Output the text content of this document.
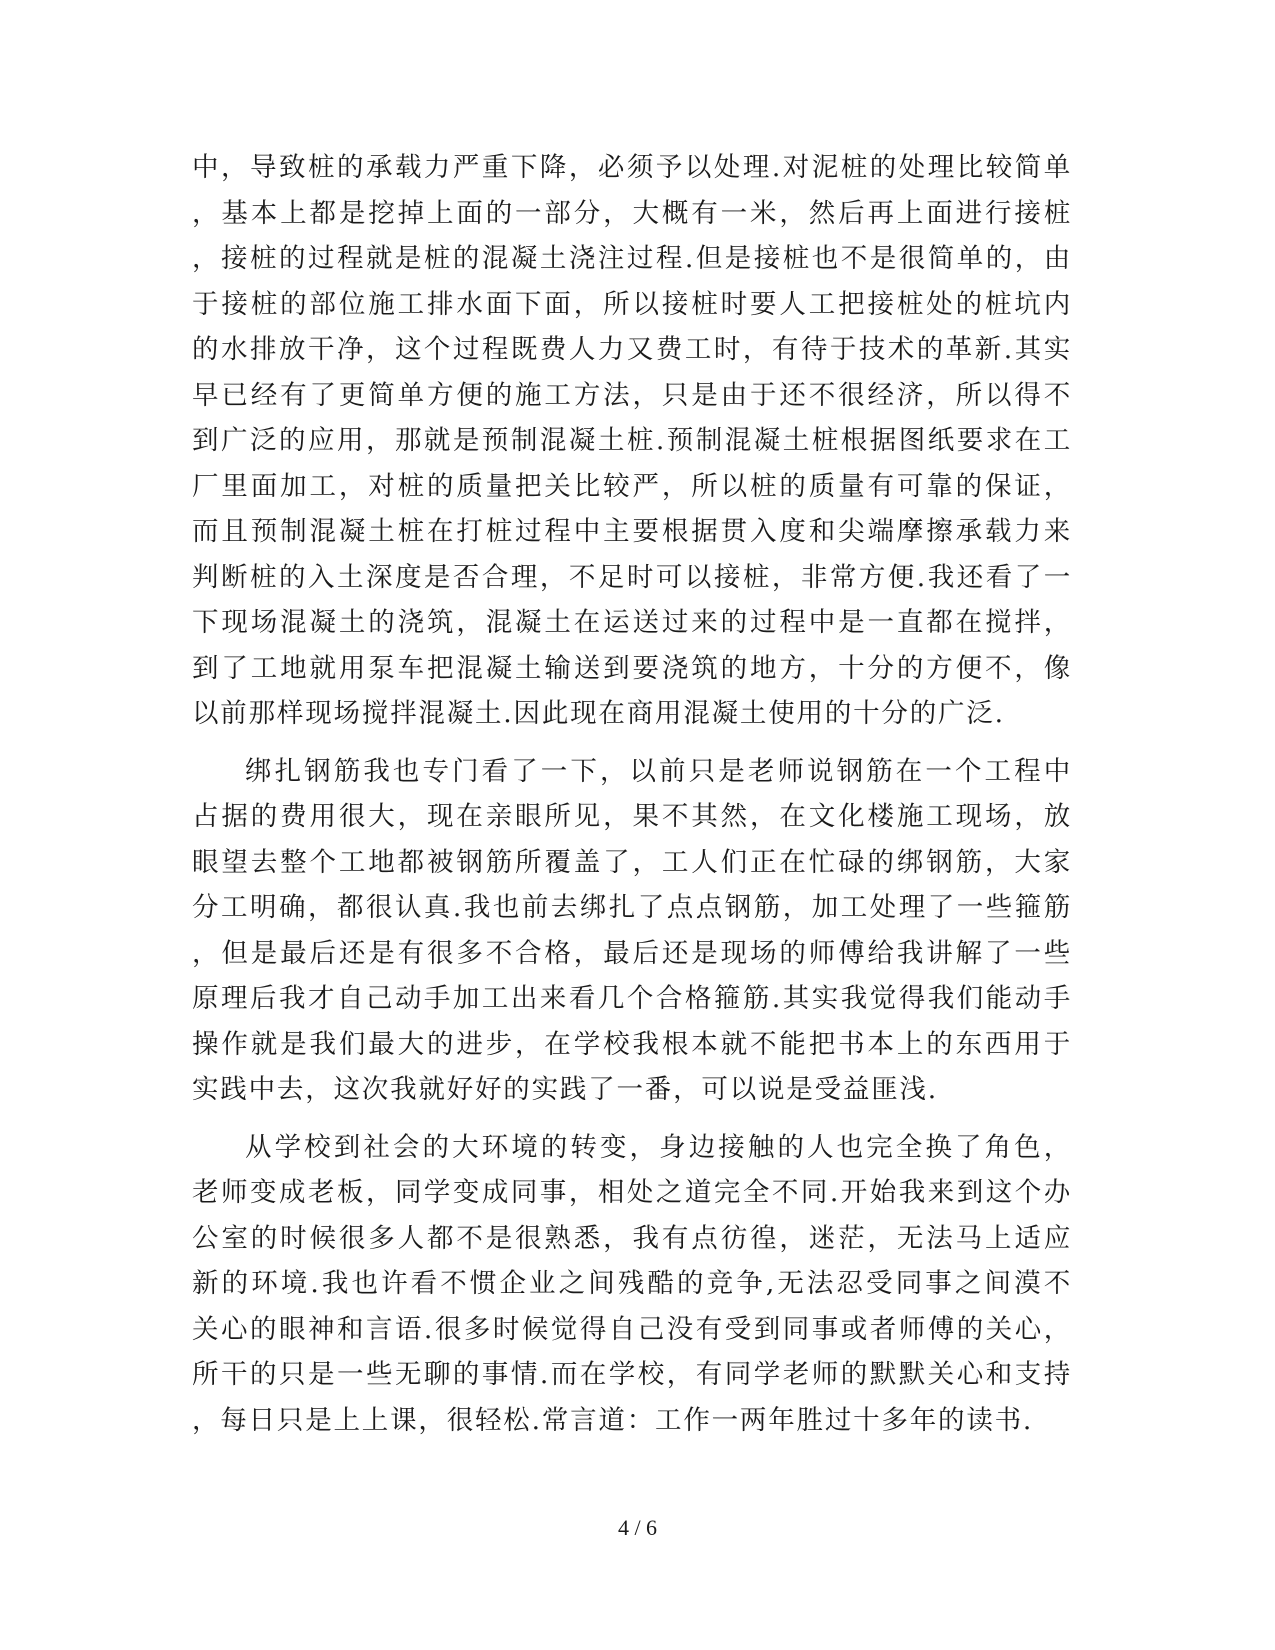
中，导致桩的承载力严重下降，必须予以处理.对泥桩的处理比较简单
，基本上都是挖掉上面的一部分，大概有一米，然后再上面进行接桩
，接桩的过程就是桩的混凝土浇注过程.但是接桩也不是很简单的，由
于接桩的部位施工排水面下面，所以接桩时要人工把接桩处的桩坑内
的水排放干净，这个过程既费人力又费工时，有待于技术的革新.其实
早已经有了更简单方便的施工方法，只是由于还不很经济，所以得不
到广泛的应用，那就是预制混凝土桩.预制混凝土桩根据图纸要求在工
厂里面加工，对桩的质量把关比较严，所以桩的质量有可靠的保证，
而且预制混凝土桩在打桩过程中主要根据贯入度和尖端摩擦承载力来
判断桩的入土深度是否合理，不足时可以接桩，非常方便.我还看了一
下现场混凝土的浇筑，混凝土在运送过来的过程中是一直都在搅拌，
到了工地就用泵车把混凝土输送到要浇筑的地方，十分的方便不，像
以前那样现场搅拌混凝土.因此现在商用混凝土使用的十分的广泛.

绑扎钢筋我也专门看了一下，以前只是老师说钢筋在一个工程中
占据的费用很大，现在亲眼所见，果不其然，在文化楼施工现场，放
眼望去整个工地都被钢筋所覆盖了，工人们正在忙碌的绑钢筋，大家
分工明确，都很认真.我也前去绑扎了点点钢筋，加工处理了一些箍筋
，但是最后还是有很多不合格，最后还是现场的师傅给我讲解了一些
原理后我才自己动手加工出来看几个合格箍筋.其实我觉得我们能动手
操作就是我们最大的进步，在学校我根本就不能把书本上的东西用于
实践中去，这次我就好好的实践了一番，可以说是受益匪浅.

从学校到社会的大环境的转变，身边接触的人也完全换了角色，
老师变成老板，同学变成同事，相处之道完全不同.开始我来到这个办
公室的时候很多人都不是很熟悉，我有点彷徨，迷茫，无法马上适应
新的环境.我也许看不惯企业之间残酷的竞争,无法忍受同事之间漠不
关心的眼神和言语.很多时候觉得自己没有受到同事或者师傅的关心，
所干的只是一些无聊的事情.而在学校，有同学老师的默默关心和支持
，每日只是上上课，很轻松.常言道：工作一两年胜过十多年的读书.

4 / 6
